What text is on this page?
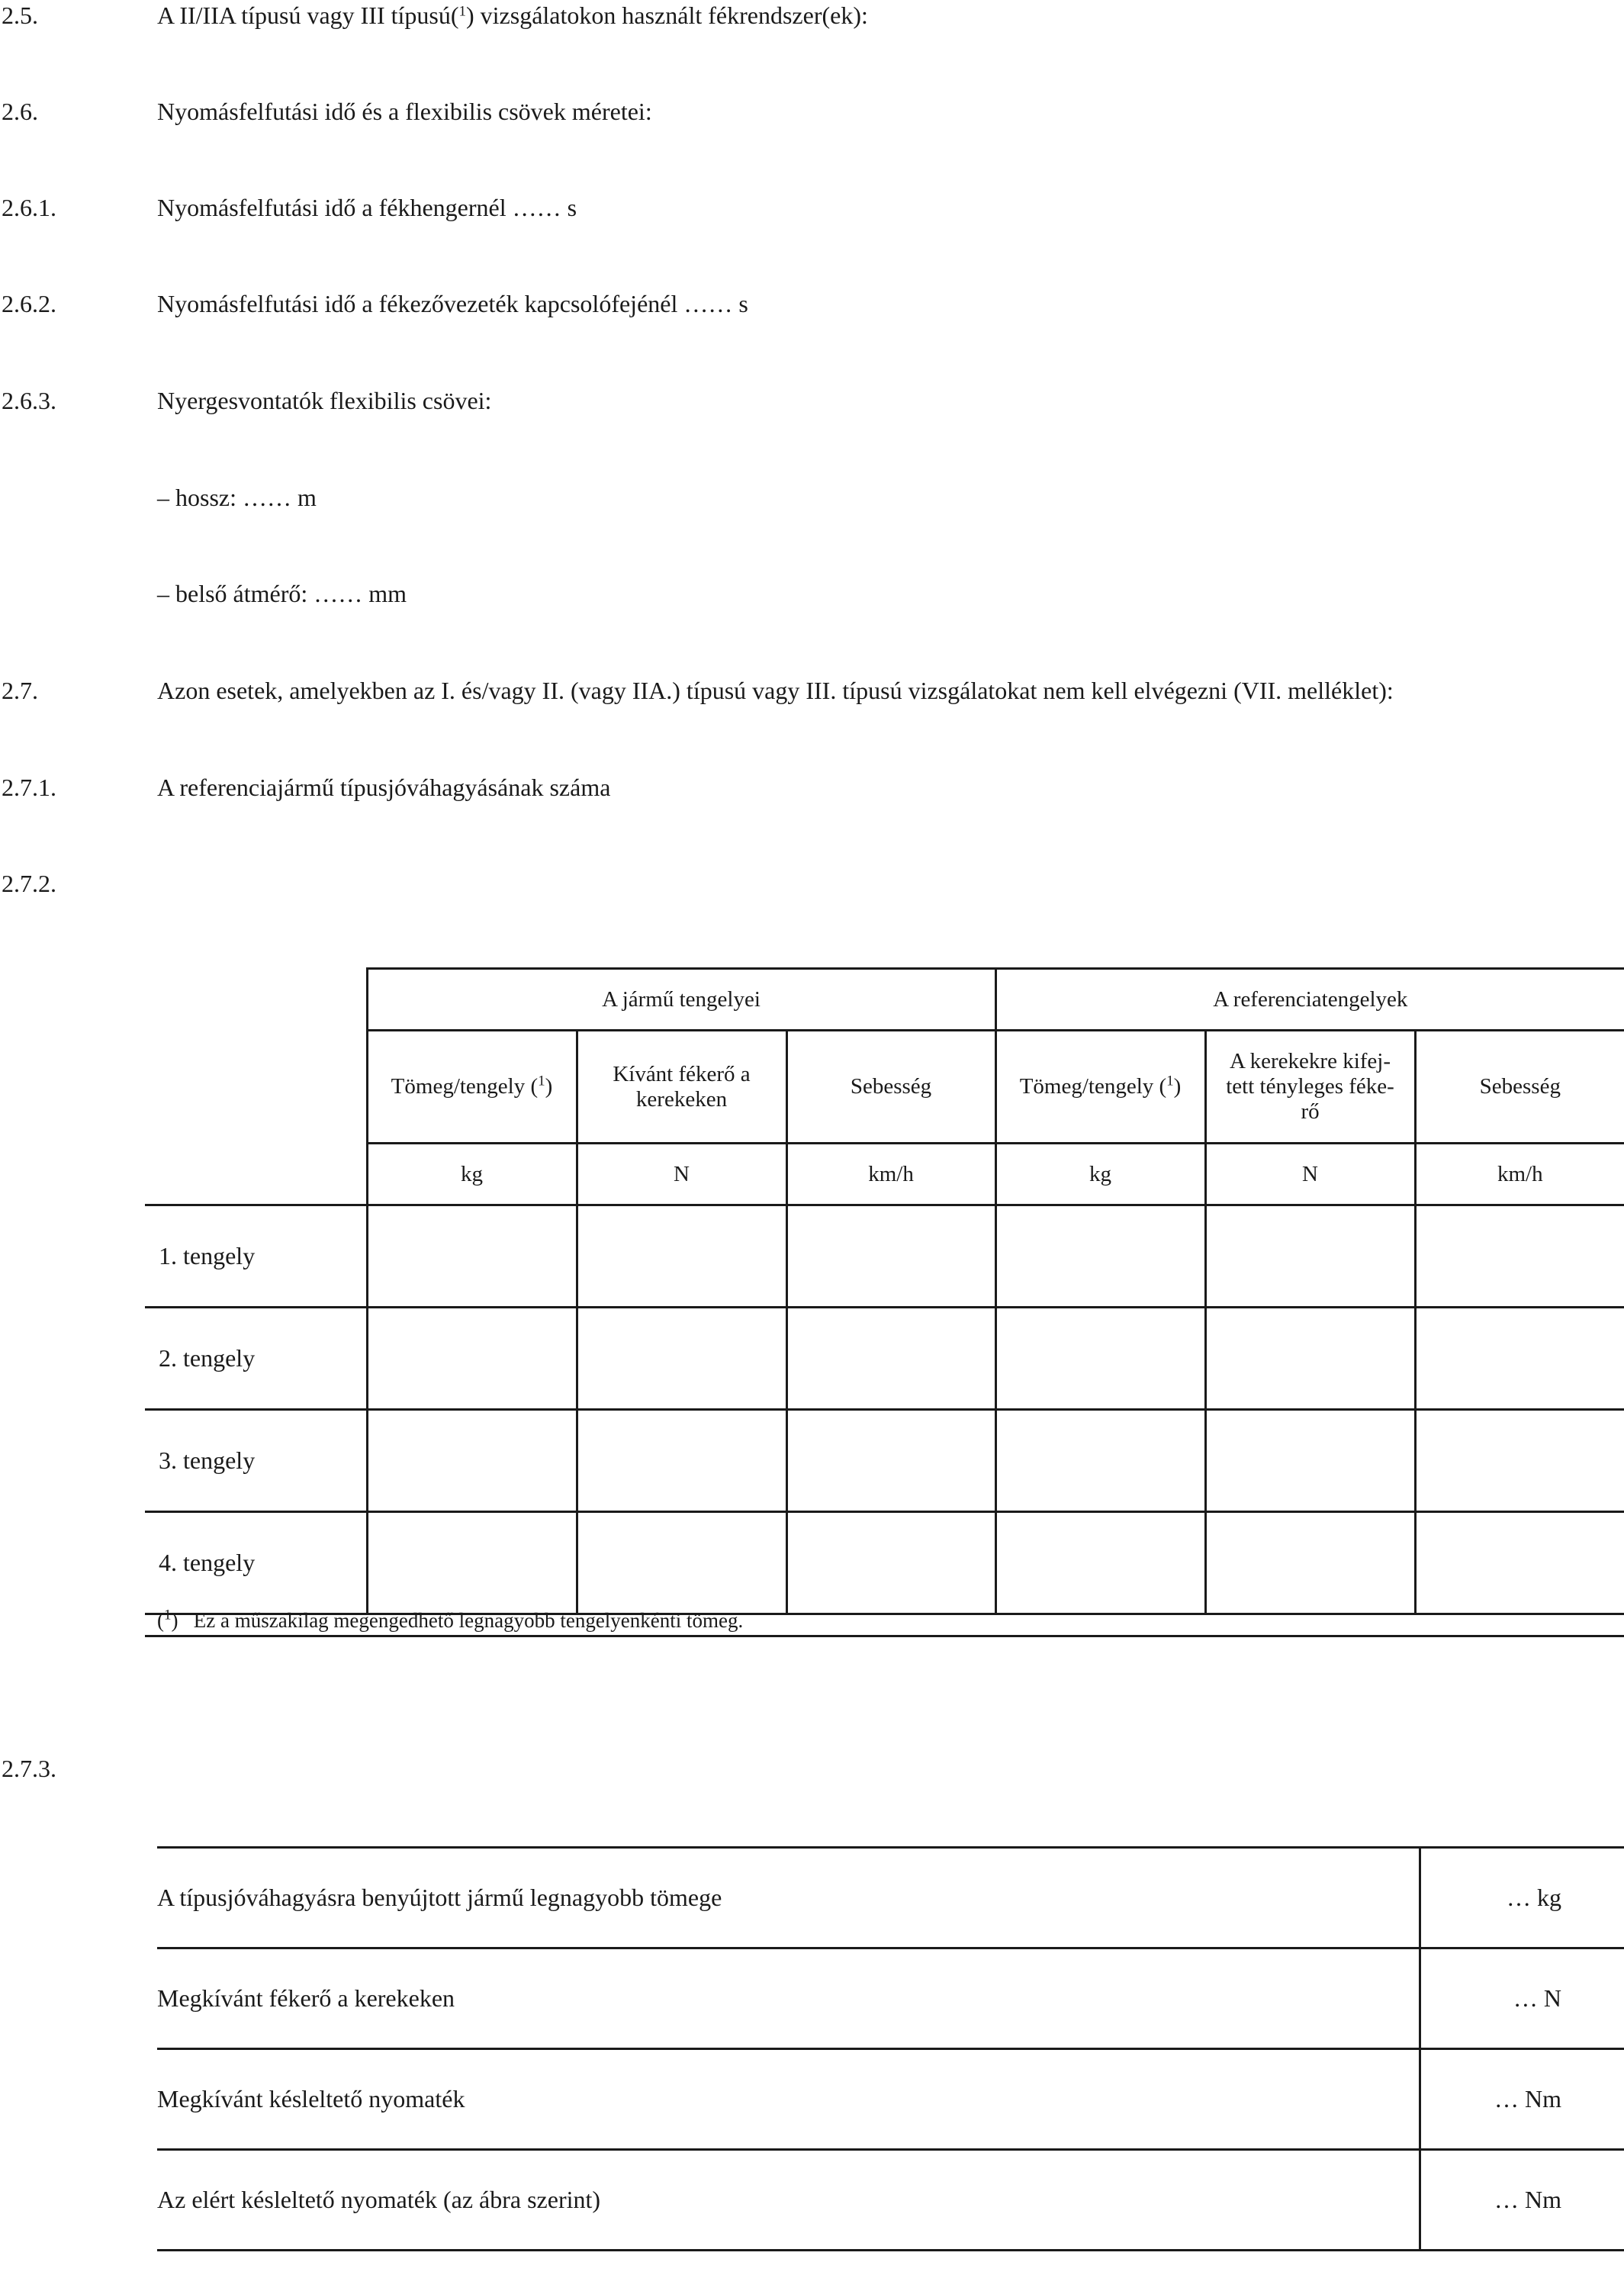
2.5.	A II/IIA típusú vagy III típusú($^1$) vizsgálatokon használt fékrendszer(ek):
2.6.	Nyomásfelfutási idő és a flexibilis csövek méretei:
2.6.1.	Nyomásfelfutási idő a fékhengernél …… s
2.6.2.	Nyomásfelfutási idő a fékezővezeték kapcsolófejénél …… s
2.6.3.	Nyergesvontatók flexibilis csövei:
– hossz: …… m
– belső átmérő: …… mm
2.7.	Azon esetek, amelyekben az I. és/vagy II. (vagy IIA.) típusú vagy III. típusú vizsgálatokat nem kell elvégezni (VII. melléklet):
2.7.1.	A referenciajármű típusjóváhagyásának száma
2.7.2.
	A jármű tengelyei			A referenciatengelyek		
	Tömeg/tengely ($^1$)	Kívánt fékerő a kerekeken	Sebesség	Tömeg/tengely ($^1$)	A kerekekre kifej-tett tényleges féke-rő	Sebesség
	kg	N	km/h	kg	N	km/h
1. tengely						
2. tengely						
3. tengely						
4. tengely						
($^1$)   Ez a műszakilag megengedhető legnagyobb tengelyenkénti tömeg.
2.7.3.
A típusjóváhagyásra benyújtott jármű legnagyobb tömege	… kg
Megkívánt fékerő a kerekeken	… N
Megkívánt késleltető nyomaték	… Nm
Az elért késleltető nyomaték (az ábra szerint)	… Nm
